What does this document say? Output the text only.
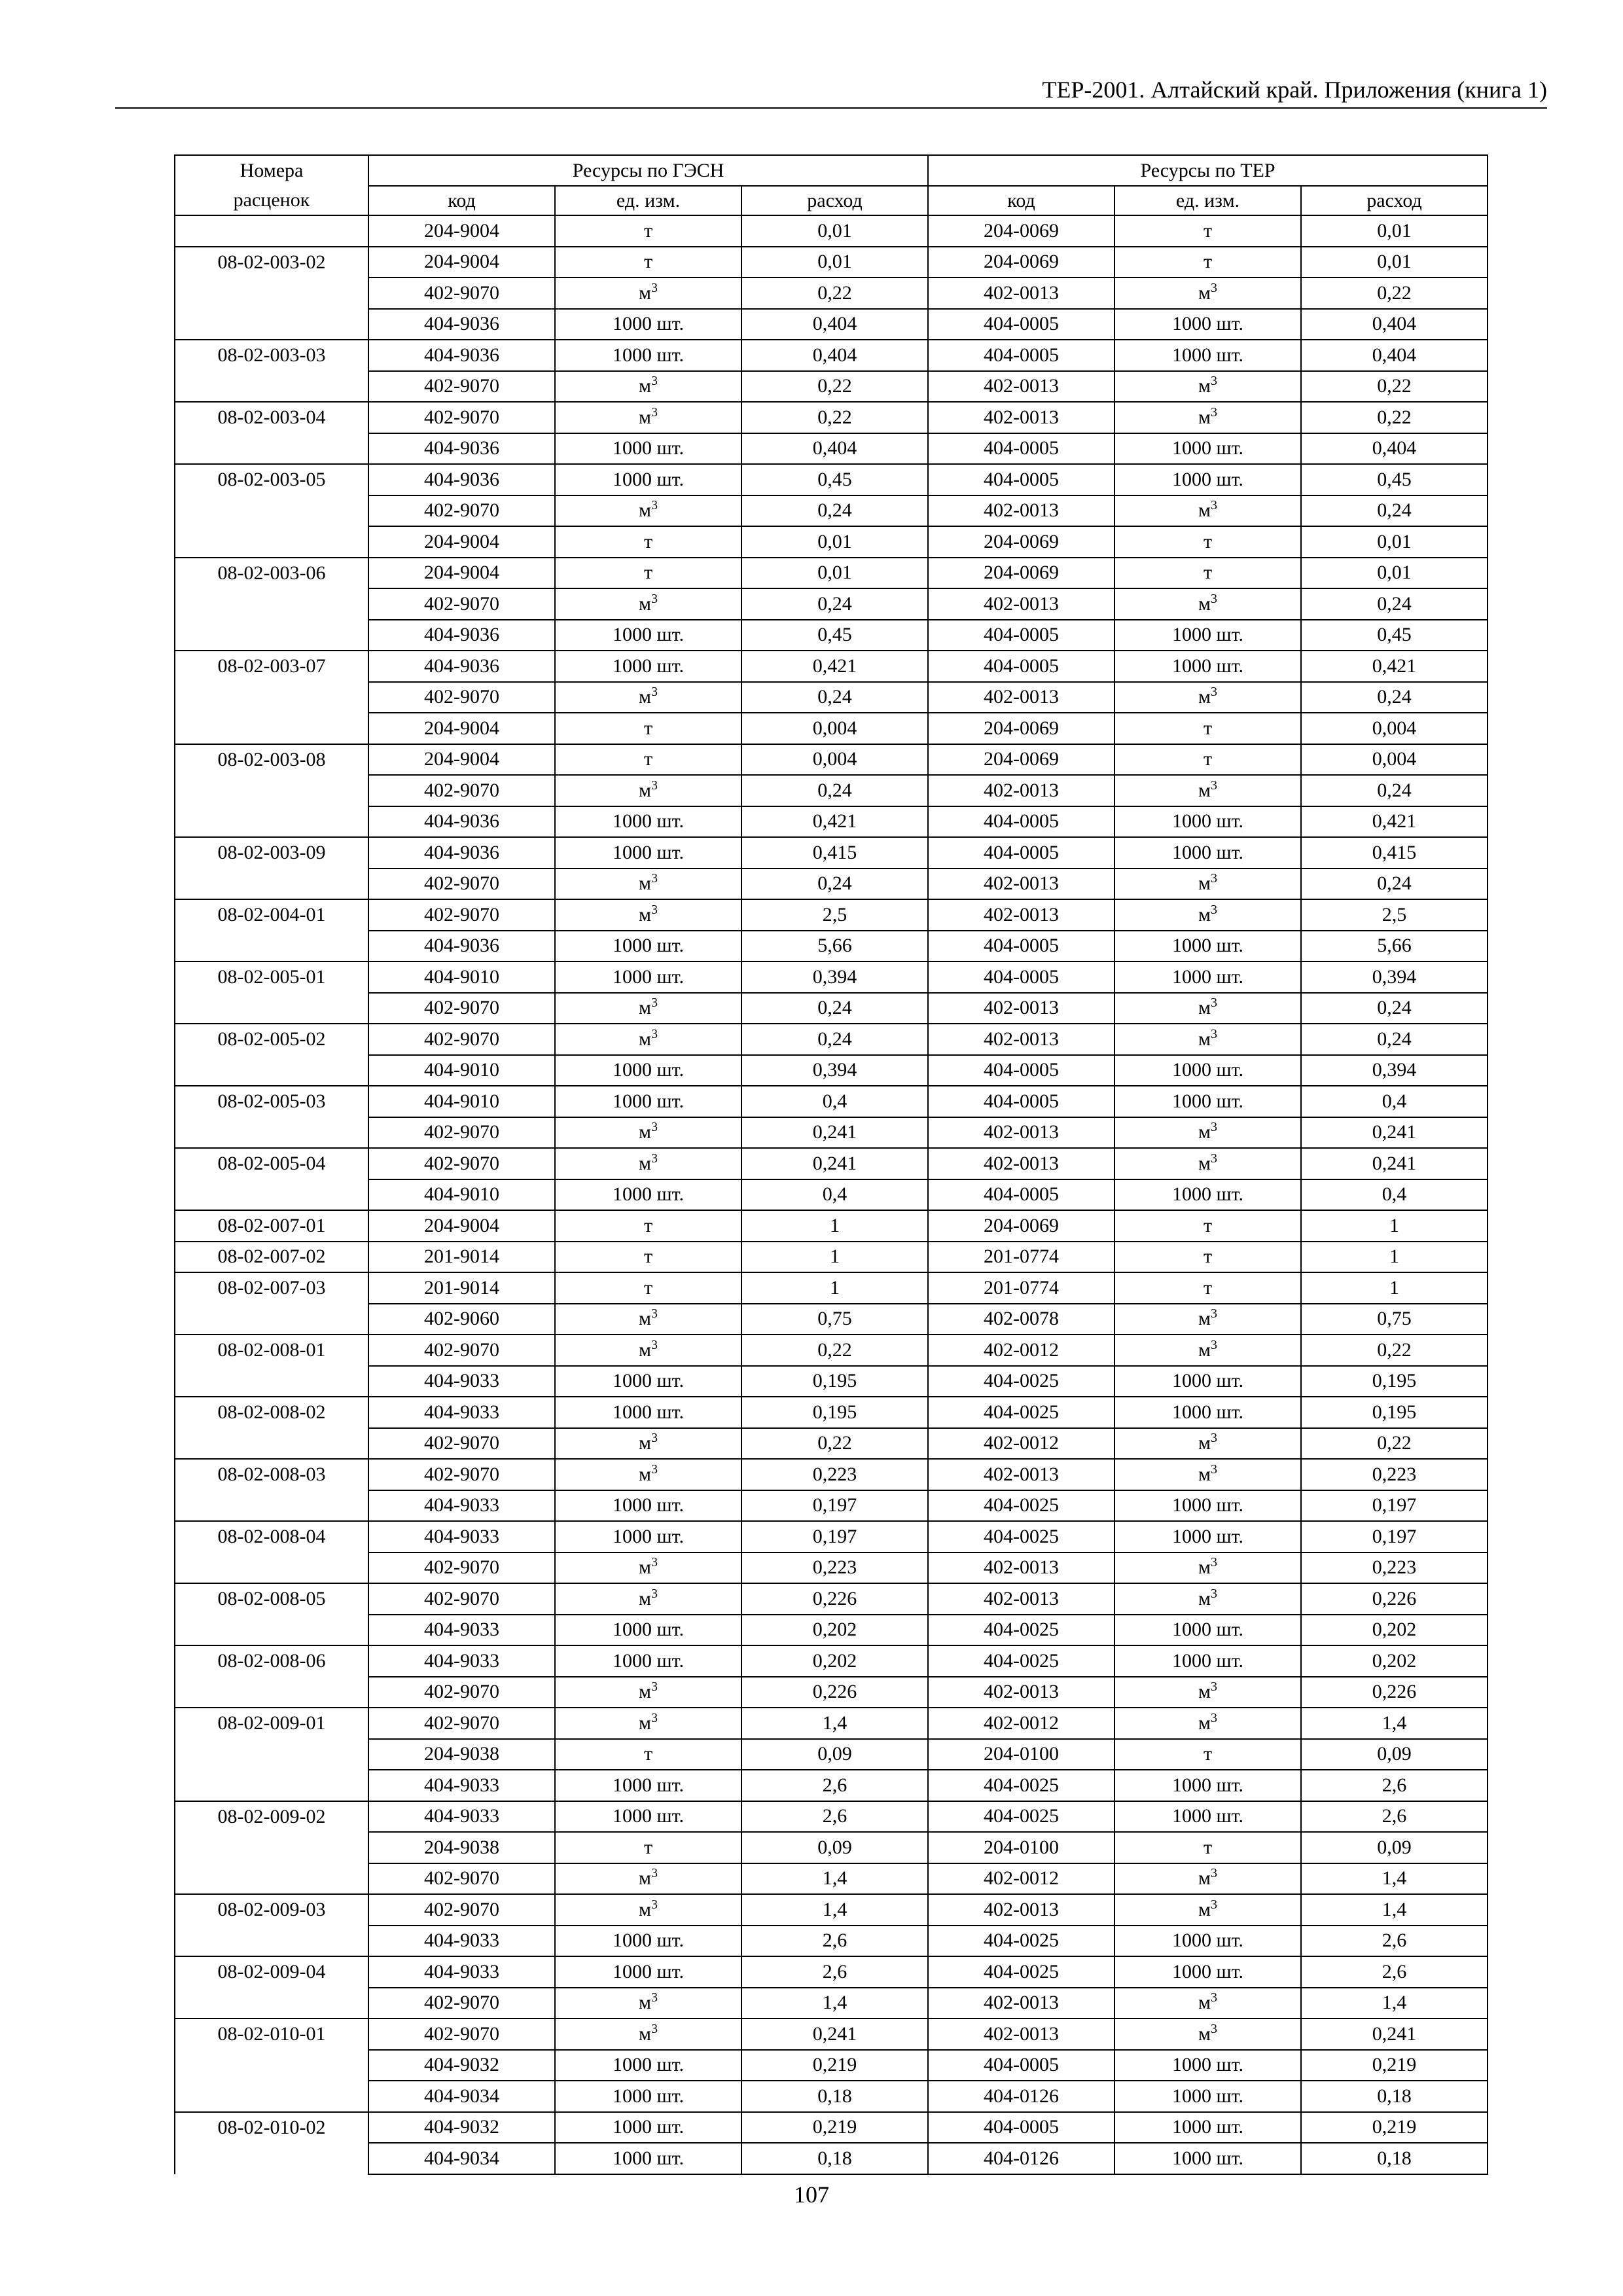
ТЕР-2001. Алтайский край. Приложения (книга 1)
Номера	Ресурсы по ГЭСН			Ресурсы по ТЕР		
расценок	код	ед. изм.	расход	код	ед. изм.	расход
	204-9004	т	0,01	204-0069	т	0,01
08-02-003-02	204-9004	т	0,01	204-0069	т	0,01
	402-9070	$м^3$	0,22	402-0013	$м^3$	0,22
	404-9036	1000 шт.	0,404	404-0005	1000 шт.	0,404
08-02-003-03	404-9036	1000 шт.	0,404	404-0005	1000 шт.	0,404
	402-9070	$м^3$	0,22	402-0013	$м^3$	0,22
08-02-003-04	402-9070	$м^3$	0,22	402-0013	$м^3$	0,22
	404-9036	1000 шт.	0,404	404-0005	1000 шт.	0,404
08-02-003-05	404-9036	1000 шт.	0,45	404-0005	1000 шт.	0,45
	402-9070	$м^3$	0,24	402-0013	$м^3$	0,24
	204-9004	т	0,01	204-0069	т	0,01
08-02-003-06	204-9004	т	0,01	204-0069	т	0,01
	402-9070	$м^3$	0,24	402-0013	$м^3$	0,24
	404-9036	1000 шт.	0,45	404-0005	1000 шт.	0,45
08-02-003-07	404-9036	1000 шт.	0,421	404-0005	1000 шт.	0,421
	402-9070	$м^3$	0,24	402-0013	$м^3$	0,24
	204-9004	т	0,004	204-0069	т	0,004
08-02-003-08	204-9004	т	0,004	204-0069	т	0,004
	402-9070	$м^3$	0,24	402-0013	$м^3$	0,24
	404-9036	1000 шт.	0,421	404-0005	1000 шт.	0,421
08-02-003-09	404-9036	1000 шт.	0,415	404-0005	1000 шт.	0,415
	402-9070	$м^3$	0,24	402-0013	$м^3$	0,24
08-02-004-01	402-9070	$м^3$	2,5	402-0013	$м^3$	2,5
	404-9036	1000 шт.	5,66	404-0005	1000 шт.	5,66
08-02-005-01	404-9010	1000 шт.	0,394	404-0005	1000 шт.	0,394
	402-9070	$м^3$	0,24	402-0013	$м^3$	0,24
08-02-005-02	402-9070	$м^3$	0,24	402-0013	$м^3$	0,24
	404-9010	1000 шт.	0,394	404-0005	1000 шт.	0,394
08-02-005-03	404-9010	1000 шт.	0,4	404-0005	1000 шт.	0,4
	402-9070	$м^3$	0,241	402-0013	$м^3$	0,241
08-02-005-04	402-9070	$м^3$	0,241	402-0013	$м^3$	0,241
	404-9010	1000 шт.	0,4	404-0005	1000 шт.	0,4
08-02-007-01	204-9004	т	1	204-0069	т	1
08-02-007-02	201-9014	т	1	201-0774	т	1
08-02-007-03	201-9014	т	1	201-0774	т	1
	402-9060	$м^3$	0,75	402-0078	$м^3$	0,75
08-02-008-01	402-9070	$м^3$	0,22	402-0012	$м^3$	0,22
	404-9033	1000 шт.	0,195	404-0025	1000 шт.	0,195
08-02-008-02	404-9033	1000 шт.	0,195	404-0025	1000 шт.	0,195
	402-9070	$м^3$	0,22	402-0012	$м^3$	0,22
08-02-008-03	402-9070	$м^3$	0,223	402-0013	$м^3$	0,223
	404-9033	1000 шт.	0,197	404-0025	1000 шт.	0,197
08-02-008-04	404-9033	1000 шт.	0,197	404-0025	1000 шт.	0,197
	402-9070	$м^3$	0,223	402-0013	$м^3$	0,223
08-02-008-05	402-9070	$м^3$	0,226	402-0013	$м^3$	0,226
	404-9033	1000 шт.	0,202	404-0025	1000 шт.	0,202
08-02-008-06	404-9033	1000 шт.	0,202	404-0025	1000 шт.	0,202
	402-9070	$м^3$	0,226	402-0013	$м^3$	0,226
08-02-009-01	402-9070	$м^3$	1,4	402-0012	$м^3$	1,4
	204-9038	т	0,09	204-0100	т	0,09
	404-9033	1000 шт.	2,6	404-0025	1000 шт.	2,6
08-02-009-02	404-9033	1000 шт.	2,6	404-0025	1000 шт.	2,6
	204-9038	т	0,09	204-0100	т	0,09
	402-9070	$м^3$	1,4	402-0012	$м^3$	1,4
08-02-009-03	402-9070	$м^3$	1,4	402-0013	$м^3$	1,4
	404-9033	1000 шт.	2,6	404-0025	1000 шт.	2,6
08-02-009-04	404-9033	1000 шт.	2,6	404-0025	1000 шт.	2,6
	402-9070	$м^3$	1,4	402-0013	$м^3$	1,4
08-02-010-01	402-9070	$м^3$	0,241	402-0013	$м^3$	0,241
	404-9032	1000 шт.	0,219	404-0005	1000 шт.	0,219
	404-9034	1000 шт.	0,18	404-0126	1000 шт.	0,18
08-02-010-02	404-9032	1000 шт.	0,219	404-0005	1000 шт.	0,219
	404-9034	1000 шт.	0,18	404-0126	1000 шт.	0,18
107
